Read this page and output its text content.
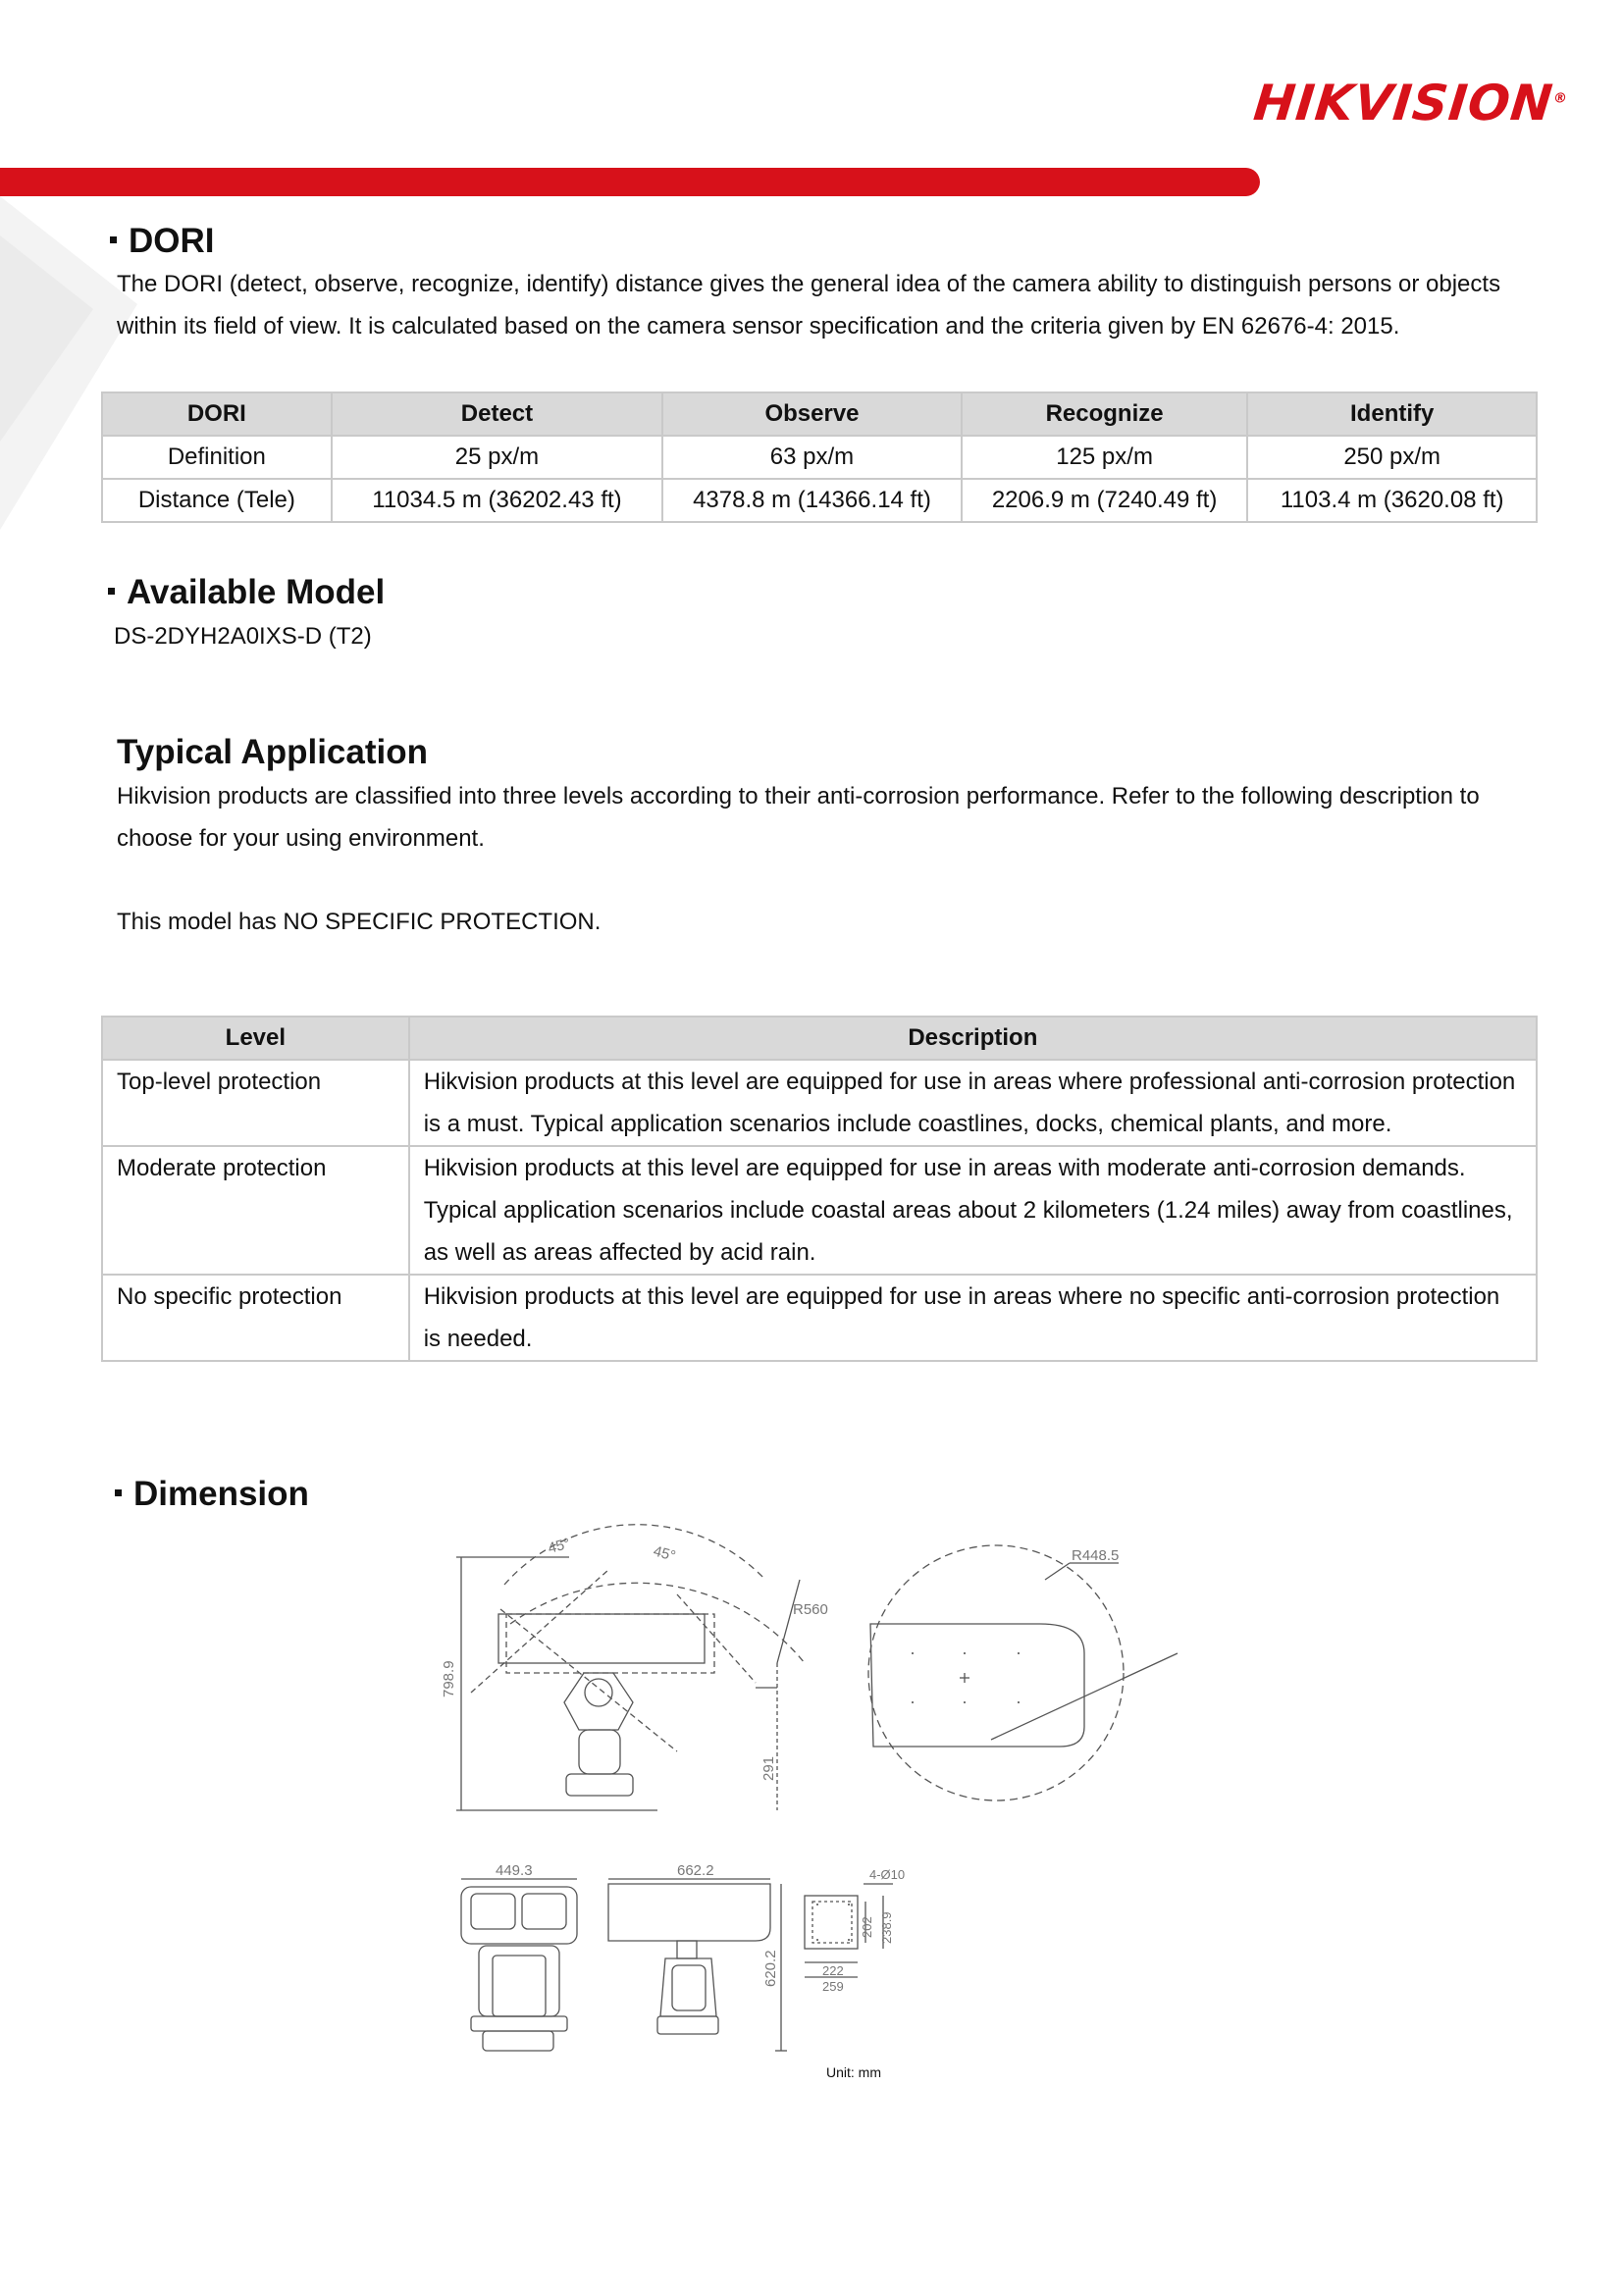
HIKVISION®
DORI
The DORI (detect, observe, recognize, identify) distance gives the general idea of the camera ability to distinguish persons or objects within its field of view. It is calculated based on the camera sensor specification and the criteria given by EN 62676-4: 2015.
DORI	Detect	Observe	Recognize	Identify
Definition	25 px/m	63 px/m	125 px/m	250 px/m
Distance (Tele)	11034.5 m (36202.43 ft)	4378.8 m (14366.14 ft)	2206.9 m (7240.49 ft)	1103.4 m (3620.08 ft)
Available Model
DS-2DYH2A0IXS-D (T2)
Typical Application
Hikvision products are classified into three levels according to their anti-corrosion performance. Refer to the following description to choose for your using environment.
This model has NO SPECIFIC PROTECTION.
Level	Description
Top-level protection	Hikvision products at this level are equipped for use in areas where professional anti-corrosion protection is a must. Typical application scenarios include coastlines, docks, chemical plants, and more.
Moderate protection	Hikvision products at this level are equipped for use in areas with moderate anti-corrosion demands. Typical application scenarios include coastal areas about 2 kilometers (1.24 miles) away from coastlines, as well as areas affected by acid rain.
No specific protection	Hikvision products at this level are equipped for use in areas where no specific anti-corrosion protection is needed.
Dimension
798.9
45°	45°
R560
291
R448.5
449.3	662.2
620.2
4-Ø10
202 238.9
222
259
Unit: mm
